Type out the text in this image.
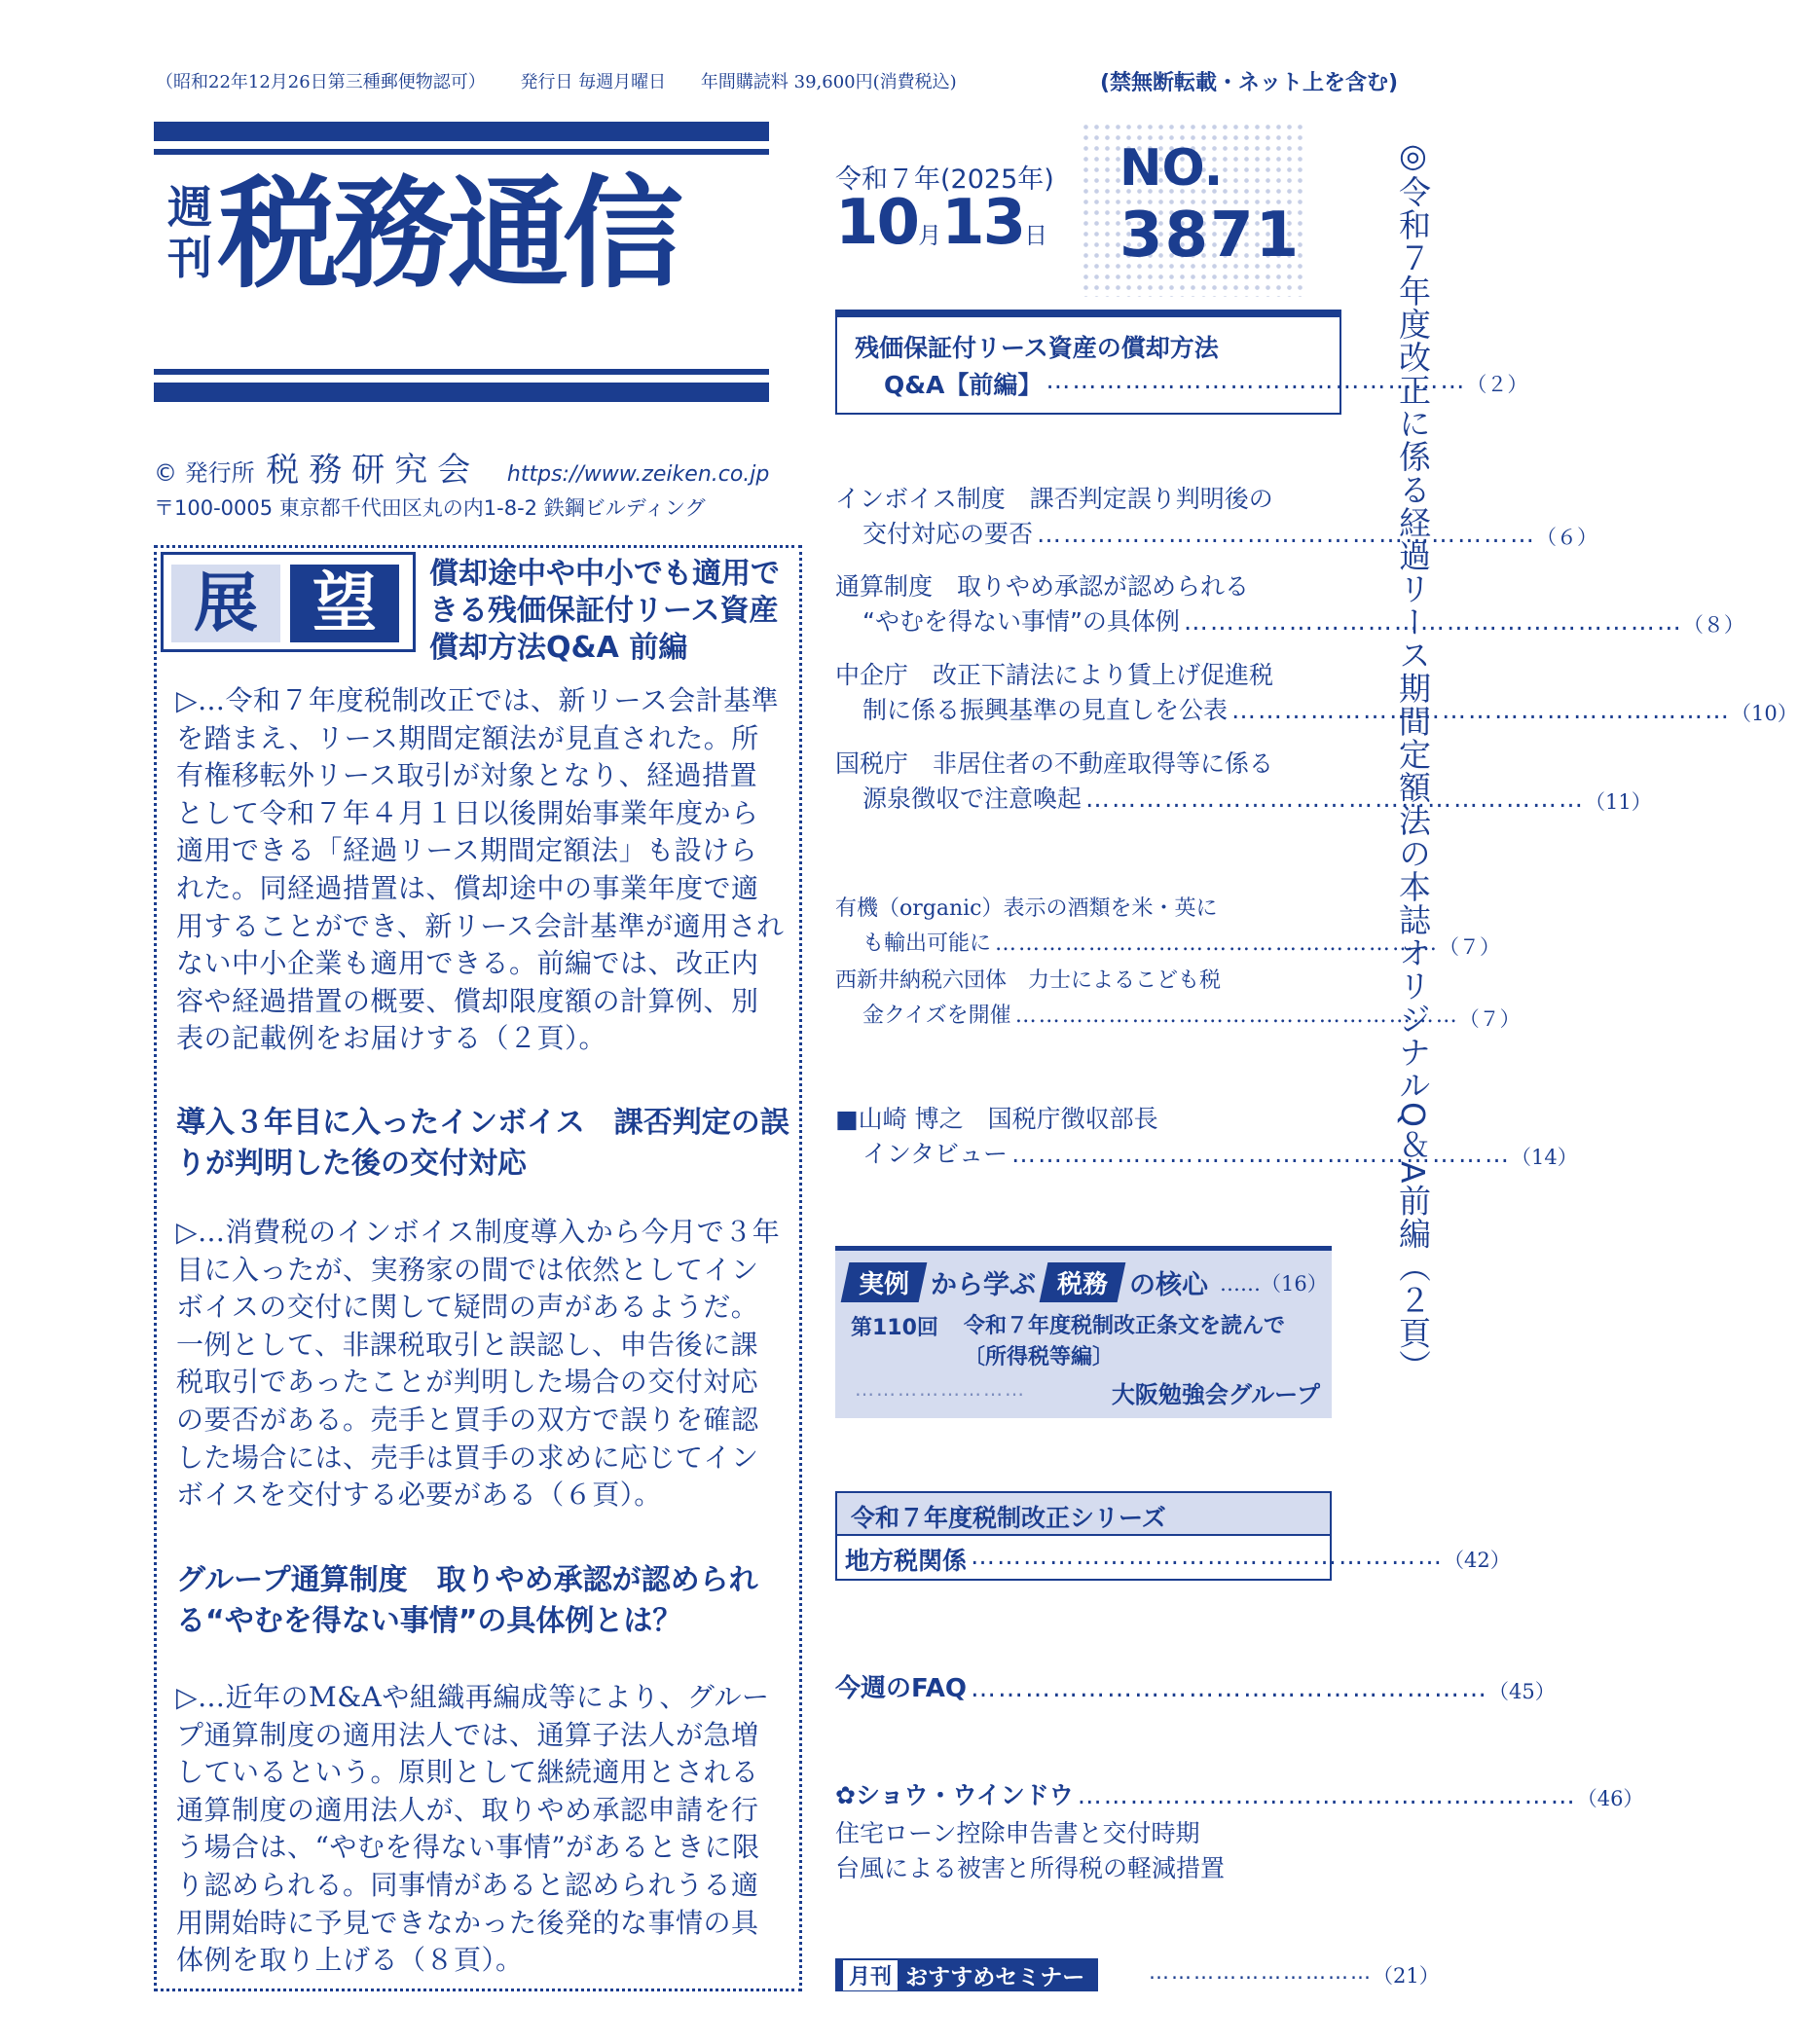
（昭和22年12月26日第三種郵便物認可） 発行日 毎週月曜日 年間購読料 39,600円(消費税込)	(禁無断転載・ネット上を含む)
週刊 税務通信	令和７年(2025年)
10月13日
NO.
3871	◎令和７年度改正に係る経過リース期間定額法の本誌オリジナルQ＆A前編（２頁）
© 発行所 税務研究会 https://www.zeiken.co.jp
〒100-0005 東京都千代田区丸の内1-8-2 鉄鋼ビルディング
展 望	償却途中や中小でも適用できる残価保証付リース資産償却方法Q&A 前編
▷…令和７年度税制改正では、新リース会計基準を踏まえ、リース期間定額法が見直された。所有権移転外リース取引が対象となり、経過措置として令和７年４月１日以後開始事業年度から適用できる「経過リース期間定額法」も設けられた。同経過措置は、償却途中の事業年度で適用することができ、新リース会計基準が適用されない中小企業も適用できる。前編では、改正内容や経過措置の概要、償却限度額の計算例、別表の記載例をお届けする（２頁）。
導入３年目に入ったインボイス　課否判定の誤りが判明した後の交付対応
▷…消費税のインボイス制度導入から今月で３年目に入ったが、実務家の間では依然としてインボイスの交付に関して疑問の声があるようだ。一例として、非課税取引と誤認し、申告後に課税取引であったことが判明した場合の交付対応の要否がある。売手と買手の双方で誤りを確認した場合には、売手は買手の求めに応じてインボイスを交付する必要がある（６頁）。
グループ通算制度　取りやめ承認が認められる“やむを得ない事情”の具体例とは？
▷…近年のM&Aや組織再編成等により、グループ通算制度の適用法人では、通算子法人が急増しているという。原則として継続適用とされる通算制度の適用法人が、取りやめ承認申請を行う場合は、“やむを得ない事情”があるときに限り認められる。同事情があると認められうる適用開始時に予見できなかった後発的な事情の具体例を取り上げる（８頁）。
残価保証付リース資産の償却方法
Q&A【前編】 ………………………………………… （２）
インボイス制度　課否判定誤り判明後の
交付対応の要否 ………………………………………………… （６）
通算制度　取りやめ承認が認められる
“やむを得ない事情”の具体例 ………………………………………………… （８）
中企庁　改正下請法により賃上げ促進税
制に係る振興基準の見直しを公表 ………………………………………………… （10）
国税庁　非居住者の不動産取得等に係る
源泉徴収で注意喚起 ………………………………………………… （11）
有機（organic）表示の酒類を米・英に
も輸出可能に ………………………………………………… （７）
西新井納税六団体　力士によるこども税
金クイズを開催 ………………………………………………… （７）
■山崎 博之　国税庁徴収部長
インタビュー ………………………………………………… （14）
実例 から学ぶ 税務 の核心 ……（16）
第110回 令和７年度税制改正条文を読んで〔所得税等編〕
……………………	大阪勉強会グループ
令和７年度税制改正シリーズ
地方税関係 ……………………………………………… （42）
今週のFAQ ………………………………………………… （45）
✿ショウ・ウインドウ ………………………………………………… （46）
住宅ローン控除申告書と交付時期
台風による被害と所得税の軽減措置
月刊 おすすめセミナー	………………………… （21）
